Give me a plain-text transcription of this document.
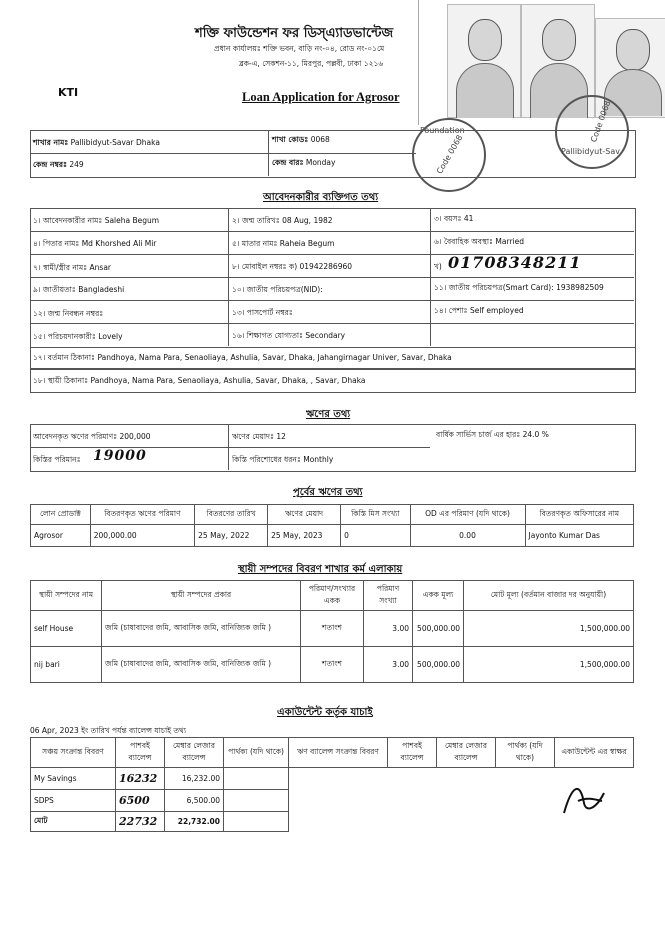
শক্তি ফাউন্ডেশন ফর ডিস্‌এ্যাডভান্টেজ
প্রধান কার্যালয়ঃ শক্তি ভবন, বাড়ি নং-০৪, রোড নং-০১মে
ব্লক-এ, সেকশন-১১, মিরপুর, পল্লবী, ঢাকা ১২১৬
KTI	Loan Application for Agrosor
Foundation
Code 0068	Pallibidyut-Sav
Code 0068
শাখার নামঃ Pallibidyut-Savar Dhaka	শাখা কোডঃ 0068
কেন্দ্র নম্বরঃ 249	কেন্দ্র বারঃ Monday
আবেদনকারীর ব্যক্তিগত তথ্য
১। আবেদনকারীর নামঃ Saleha Begum	২। জন্ম তারিখঃ 08 Aug, 1982	৩। বয়সঃ 41
৪। পিতার নামঃ Md Khorshed Ali Mir	৫। মাতার নামঃ Raheia Begum	৬। বৈবাহিক অবস্থাঃ Married
৭। স্বামী/স্ত্রীর নামঃ Ansar	৮। মোবাইল নম্বরঃ ক) 01942286960	খ) 01708348211
৯। জাতীয়তাঃ Bangladeshi	১০। জাতীয় পরিচয়পত্র(NID):	১১। জাতীয় পরিচয়পত্র(Smart Card): 1938982509
১২। জন্ম নিবন্ধন নম্বরঃ	১৩। পাসপোর্ট নম্বরঃ	১৪। পেশাঃ Self employed
১৫। পরিচয়দানকারীঃ Lovely	১৬। শিক্ষাগত যোগ্যতাঃ Secondary
১৭। বর্তমান ঠিকানাঃ Pandhoya, Nama Para, Senaoliaya, Ashulia, Savar, Dhaka, Jahangirnagar Univer, Savar, Dhaka
১৮। স্থায়ী ঠিকানাঃ Pandhoya, Nama Para, Senaoliaya, Ashulia, Savar, Dhaka, , Savar, Dhaka
ঋণের তথ্য
আবেদনকৃত ঋণের পরিমাণঃ 200,000	ঋণের মেয়াদঃ 12	বার্ষিক সার্ভিস চার্জ এর হারঃ 24.0 %
কিস্তির পরিমানঃ 19000	কিস্তি পরিশোধের ধরনঃ Monthly
পূর্বের ঋণের তথ্য
লোন প্রোডাক্ট	বিতরণকৃত ঋণের পরিমাণ	বিতরণের তারিখ	ঋণের মেয়াদ	কিস্তি মিস সংখ্যা	OD এর পরিমাণ (যদি থাকে)	বিতরণকৃত অফিসারের নাম
Agrosor	200,000.00	25 May, 2022	25 May, 2023	0	0.00	Jayonto Kumar Das
স্থায়ী সম্পদের বিবরণ শাখার কর্ম এলাকায়
স্থায়ী সম্পদের নাম	স্থায়ী সম্পদের প্রকার	পরিমাণ/সংখ্যার একক	পরিমাণ সংখ্যা	একক মূল্য	মোট মূল্য (বর্তমান বাজার দর অনুযায়ী)
self House	জমি (চাষাবাদের জমি, আবাসিক জমি, বানিজ্যিক জমি )	শতাংশ	3.00	500,000.00	1,500,000.00
nij bari	জমি (চাষাবাদের জমি, আবাসিক জমি, বানিজ্যিক জমি )	শতাংশ	3.00	500,000.00	1,500,000.00
একাউন্টেন্ট কর্তৃক যাচাই
06 Apr, 2023 ইং তারিখ পর্যন্ত ব্যালেন্স যাচাই তথ্য
সঞ্চয় সংক্রান্ত বিবরণ	পাশবই ব্যালেন্স	মেম্বার লেজার ব্যালেন্স	পার্থক্য (যদি থাকে)	ঋণ ব্যালেন্স সংক্রান্ত বিবরণ	পাশবই ব্যালেন্স	মেম্বার লেজার ব্যালেন্স	পার্থক্য (যদি থাকে)	একাউন্টেন্ট এর স্বাক্ষর
My Savings	16232	16,232.00						
SDPS	6500	6,500.00						
মোট	22732	22,732.00						
